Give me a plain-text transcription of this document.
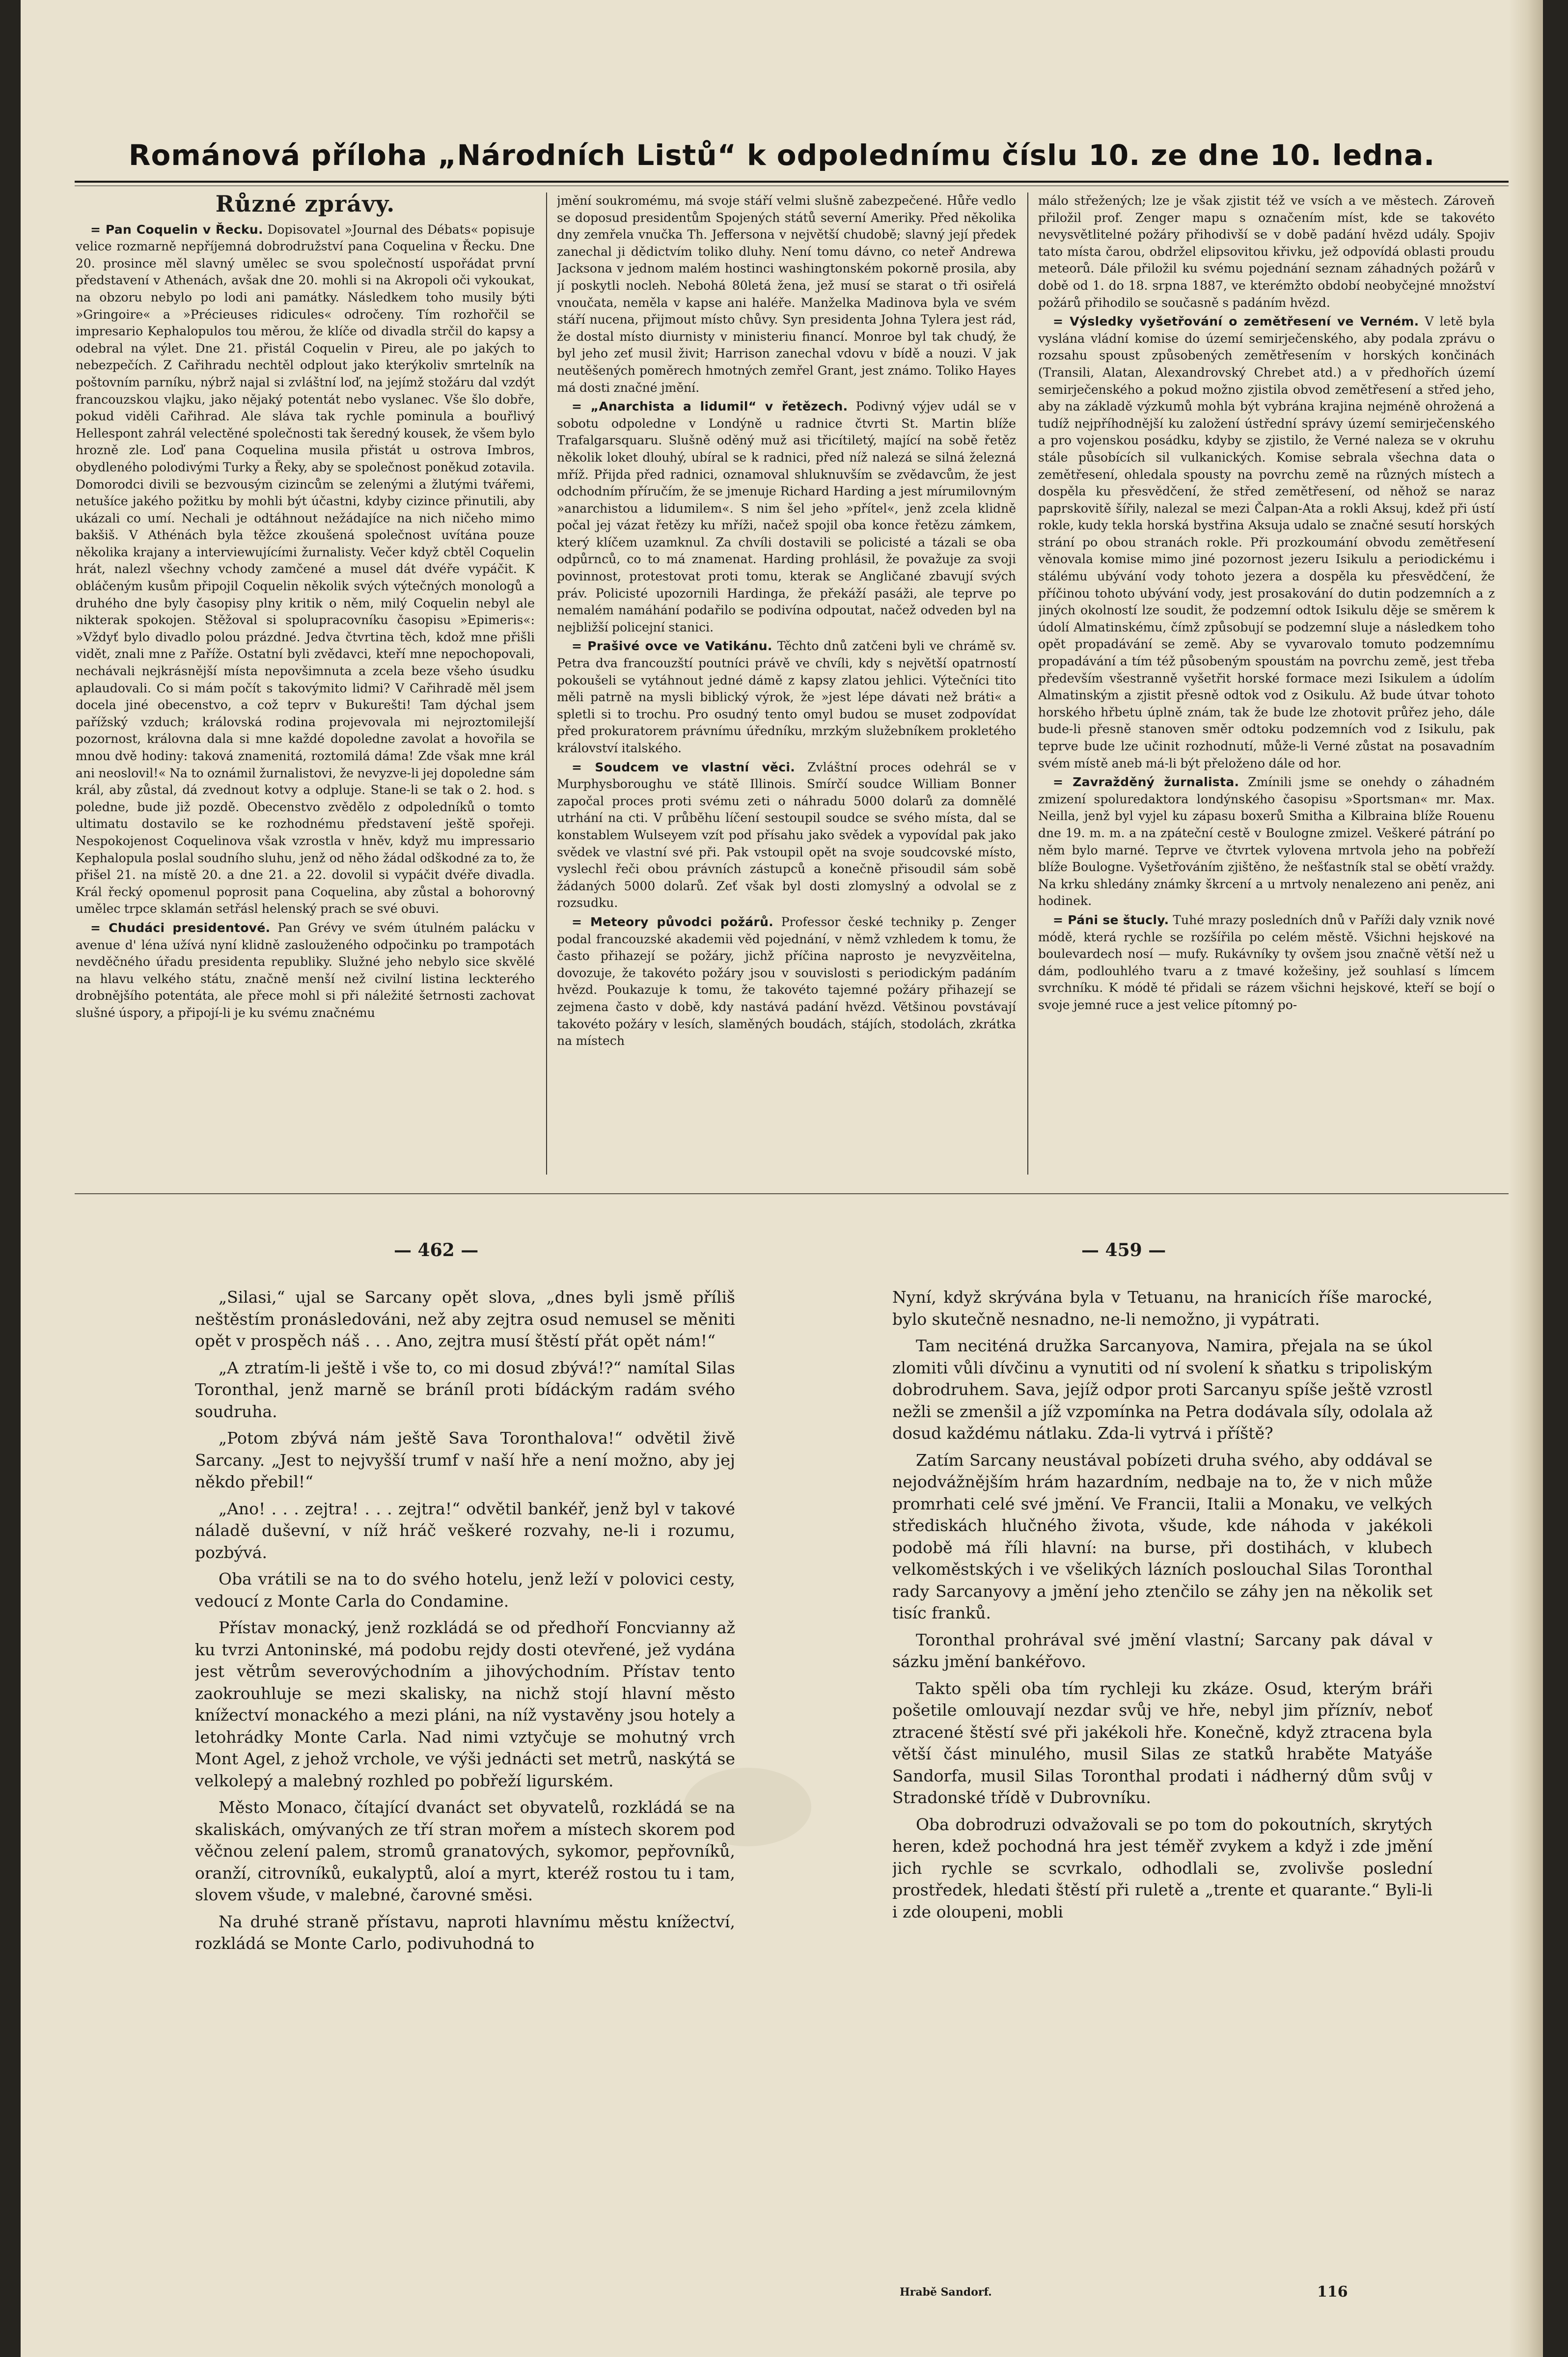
Románová příloha „Národních Listů“ k odpolednímu číslu 10. ze dne 10. ledna.
Různé zprávy.

= Pan Coquelin v Řecku. Dopisovatel »Journal des Débats« popisuje velice rozmarně nepříjemná dobrodružství pana Coquelina v Řecku. Dne 20. prosince měl slavný umělec se svou společností uspořádat první představení v Athenách, avšak dne 20. mohli si na Akropoli oči vykoukat, na obzoru nebylo po lodi ani památky. Následkem toho musily býti »Gringoire« a »Précieuses ridicules« odročeny. Tím rozhořčil se impresario Kephalopulos tou měrou, že klíče od divadla strčil do kapsy a odebral na výlet. Dne 21. přistál Coquelin v Pireu, ale po jakých to nebezpečích. Z Cařihradu nechtěl odplout jako kterýkoliv smrtelník na poštovním parníku, nýbrž najal si zvláštní loď, na jejímž stožáru dal vzdýt francouzskou vlajku, jako nějaký potentát nebo vyslanec. Vše šlo dobře, pokud viděli Cařihrad. Ale sláva tak rychle pominula a bouřlivý Hellespont zahrál velectěné společnosti tak šeredný kousek, že všem bylo hrozně zle. Loď pana Coquelina musila přistát u ostrova Imbros, obydleného polodivými Turky a Řeky, aby se společnost poněkud zotavila. Domorodci divili se bezvousým cizincům se zelenými a žlutými tvářemi, netušíce jakého požitku by mohli být účastni, kdyby cizince přinutili, aby ukázali co umí. Nechali je odtáhnout nežádajíce na nich ničeho mimo bakšiš. V Athénách byla těžce zkoušená společnost uvítána pouze několika krajany a interviewujícími žurnalisty. Večer když cbtěl Coquelin hrát, nalezl všechny vchody zamčené a musel dát dvéře vypáčit. K obláčeným kusům připojil Coquelin několik svých výtečných monologů a druhého dne byly časopisy plny kritik o něm, milý Coquelin nebyl ale nikterak spokojen. Stěžoval si spolupracovníku časopisu »Epimeris«: »Vždyť bylo divadlo polou prázdné. Jedva čtvrtina těch, kdož mne přišli vidět, znali mne z Paříže. Ostatní byli zvědavci, kteří mne nepochopovali, nechávali nejkrásnější místa nepovšimnuta a zcela beze všeho úsudku aplaudovali. Co si mám počít s takovýmito lidmi? V Cařihradě měl jsem docela jiné obecenstvo, a což teprv v Bukurešti! Tam dýchal jsem pařížský vzduch; královská rodina projevovala mi nejroztomilejší pozornost, královna dala si mne každé dopoledne zavolat a hovořila se mnou dvě hodiny: taková znamenitá, roztomilá dáma! Zde však mne král ani neoslovil!« Na to oznámil žurnalistovi, že nevyzve-li jej dopoledne sám král, aby zůstal, dá zvednout kotvy a odpluje. Stane-li se tak o 2. hod. s poledne, bude již pozdě. Obecenstvo zvědělo z odpoledníků o tomto ultimatu dostavilo se ke rozhodnému představení ještě spořeji. Nespokojenost Coquelinova však vzrostla v hněv, když mu impressario Kephalopula poslal soudního sluhu, jenž od něho žádal odškodné za to, že přišel 21. na místě 20. a dne 21. a 22. dovolil si vypáčit dvéře divadla. Král řecký opomenul poprosit pana Coquelina, aby zůstal a bohorovný umělec trpce sklamán setřásl helenský prach se své obuvi.

= Chudáci presidentové. Pan Grévy ve svém útulném palácku v avenue d' léna užívá nyní klidně zaslouženého odpočinku po trampotách nevděčného úřadu presidenta republiky. Služné jeho nebylo sice skvělé na hlavu velkého státu, značně menší než civilní listina leckterého drobnějšího potentáta, ale přece mohl si při náležité šetrnosti zachovat slušné úspory, a připojí-li je ku svému značnému

jmění soukromému, má svoje stáří velmi slušně zabezpečené. Hůře vedlo se doposud presidentům Spojených států severní Ameriky. Před několika dny zemřela vnučka Th. Jeffersona v největší chudobě; slavný její předek zanechal ji dědictvím toliko dluhy. Není tomu dávno, co neteř Andrewa Jacksona v jednom malém hostinci washingtonském pokorně prosila, aby jí poskytli nocleh. Nebohá 80letá žena, jež musí se starat o tři osiřelá vnoučata, neměla v kapse ani haléře. Manželka Madinova byla ve svém stáří nucena, přijmout místo chůvy. Syn presidenta Johna Tylera jest rád, že dostal místo diurnisty v ministeriu financí. Monroe byl tak chudý, že byl jeho zeť musil živit; Harrison zanechal vdovu v bídě a nouzi. V jak neutěšených poměrech hmotných zemřel Grant, jest známo. Toliko Hayes má dosti značné jmění.

= „Anarchista a lidumil“ v řetězech. Podivný výjev udál se v sobotu odpoledne v Londýně u radnice čtvrti St. Martin blíže Trafalgarsquaru. Slušně oděný muž asi třicítiletý, mající na sobě řetěz několik loket dlouhý, ubíral se k radnici, před níž nalezá se silná železná mříž. Přijda před radnici, oznamoval shluknuvším se zvědavcům, že jest odchodním příručím, že se jmenuje Richard Harding a jest mírumilovným »anarchistou a lidumilem«. S nim šel jeho »přítel«, jenž zcela klidně počal jej vázat řetězy ku mříži, načež spojil oba konce řetězu zámkem, který klíčem uzamknul. Za chvíli dostavili se policisté a tázali se oba odpůrnců, co to má znamenat. Harding prohlásil, že považuje za svoji povinnost, protestovat proti tomu, kterak se Angličané zbavují svých práv. Policisté upozornili Hardinga, že překáží pasáži, ale teprve po nemalém namáhání podařilo se podivína odpoutat, načež odveden byl na nejbližší policejní stanici.

= Prašivé ovce ve Vatikánu. Těchto dnů zatčeni byli ve chrámě sv. Petra dva francouzští poutníci právě ve chvíli, kdy s největší opatrností pokoušeli se vytáhnout jedné dámě z kapsy zlatou jehlici. Výtečníci tito měli patrně na mysli biblický výrok, že »jest lépe dávati než bráti« a spletli si to trochu. Pro osudný tento omyl budou se muset zodpovídat před prokuratorem právnímu úředníku, mrzkým služebníkem prokletého království italského.

= Soudcem ve vlastní věci. Zvláštní proces odehrál se v Murphysboroughu ve státě Illinois. Smírčí soudce William Bonner započal proces proti svému zeti o náhradu 5000 dolarů za domnělé utrhání na cti. V průběhu líčení sestoupil soudce se svého místa, dal se konstablem Wulseyem vzít pod přísahu jako svědek a vypovídal pak jako svědek ve vlastní své při. Pak vstoupil opět na svoje soudcovské místo, vyslechl řeči obou právních zástupců a konečně přisoudil sám sobě žádaných 5000 dolarů. Zeť však byl dosti zlomyslný a odvolal se z rozsudku.

= Meteory původci požárů. Professor české techniky p. Zenger podal francouzské akademii věd pojednání, v němž vzhledem k tomu, že často přihazejí se požáry, jichž příčina naprosto je nevyzvěitelna, dovozuje, že takovéto požáry jsou v souvislosti s periodickým padáním hvězd. Poukazuje k tomu, že takovéto tajemné požáry přihazejí se zejmena často v době, kdy nastává padání hvězd. Většinou povstávají takovéto požáry v lesích, slaměných boudách, stájích, stodolách, zkrátka na místech

málo střežených; lze je však zjistit též ve vsích a ve městech. Zároveň přiložil prof. Zenger mapu s označením míst, kde se takovéto nevysvětlitelné požáry přihodivší se v době padání hvězd udály. Spojiv tato místa čarou, obdržel elipsovitou křivku, jež odpovídá oblasti proudu meteorů. Dále přiložil ku svému pojednání seznam záhadných požárů v době od 1. do 18. srpna 1887, ve kterémžto období neobyčejné množství požárů přihodilo se současně s padáním hvězd.

= Výsledky vyšetřování o zemětřesení ve Verném. V letě byla vyslána vládní komise do území semirječenského, aby podala zprávu o rozsahu spoust způsobených zemětřesením v horských končinách (Transili, Alatan, Alexandrovský Chrebet atd.) a v předhořích území semirječenského a pokud možno zjistila obvod zemětřesení a střed jeho, aby na základě výzkumů mohla být vybrána krajina nejméně ohrožená a tudíž nejpříhodnější ku založení ústřední správy území semirječenského a pro vojenskou posádku, kdyby se zjistilo, že Verné naleza se v okruhu stále působících sil vulkanických. Komise sebrala všechna data o zemětřesení, ohledala spousty na povrchu země na různých místech a dospěla ku přesvědčení, že střed zemětřesení, od něhož se naraz paprskovitě šířily, nalezal se mezi Čalpan-Ata a rokli Aksuj, kdež při ústí rokle, kudy tekla horská bystřina Aksuja udalo se značné sesutí horských strání po obou stranách rokle. Při prozkoumání obvodu zemětřesení věnovala komise mimo jiné pozornost jezeru Isikulu a periodickému i stálému ubývání vody tohoto jezera a dospěla ku přesvědčení, že příčinou tohoto ubývání vody, jest prosakování do dutin podzemních a z jiných okolností lze soudit, že podzemní odtok Isikulu děje se směrem k údolí Almatinskému, čímž způsobují se podzemní sluje a následkem toho opět propadávání se země. Aby se vyvarovalo tomuto podzemnímu propadávání a tím též působeným spoustám na povrchu země, jest třeba především všestranně vyšetřit horské formace mezi Isikulem a údolím Almatinským a zjistit přesně odtok vod z Osikulu. Až bude útvar tohoto horského hřbetu úplně znám, tak že bude lze zhotovit průřez jeho, dále bude-li přesně stanoven směr odtoku podzemních vod z Isikulu, pak teprve bude lze učinit rozhodnutí, může-li Verné zůstat na posavadním svém místě aneb má-li být přeloženo dále od hor.

= Zavražděný žurnalista. Zmínili jsme se onehdy o záhadném zmizení spoluredaktora londýnského časopisu »Sportsman« mr. Max. Neilla, jenž byl vyjel ku zápasu boxerů Smitha a Kilbraina blíže Rouenu dne 19. m. m. a na zpáteční cestě v Boulogne zmizel. Veškeré pátrání po něm bylo marné. Teprve ve čtvrtek vylovena mrtvola jeho na pobřeží blíže Boulogne. Vyšetřováním zjištěno, že nešťastník stal se obětí vraždy. Na krku shledány známky škrcení a u mrtvoly nenalezeno ani peněz, ani hodinek.

= Páni se štucly. Tuhé mrazy posledních dnů v Paříži daly vznik nové módě, která rychle se rozšířila po celém městě. Všichni hejskové na boulevardech nosí — mufy. Rukávníky ty ovšem jsou značně větší než u dám, podlouhlého tvaru a z tmavé kožešiny, jež souhlasí s límcem svrchníku. K módě té přidali se rázem všichni hejskové, kteří se bojí o svoje jemné ruce a jest velice pítomný po-

— 462 —	— 459 —

„Silasi,“ ujal se Sarcany opět slova, „dnes byli jsmě příliš neštěstím pronásledováni, než aby zejtra osud nemusel se měniti opět v prospěch náš . . . Ano, zejtra musí štěstí přát opět nám!“

„A ztratím-li ještě i vše to, co mi dosud zbývá!?“ namítal Silas Toronthal, jenž marně se bráníl proti bídáckým radám svého soudruha.

„Potom zbývá nám ještě Sava Toronthalova!“ odvětil živě Sarcany. „Jest to nejvyšší trumf v naší hře a není možno, aby jej někdo přebil!“

„Ano! . . . zejtra! . . . zejtra!“ odvětil bankéř, jenž byl v takové náladě duševní, v níž hráč veškeré rozvahy, ne-li i rozumu, pozbývá.

Oba vrátili se na to do svého hotelu, jenž leží v polovici cesty, vedoucí z Monte Carla do Condamine.

Přístav monacký, jenž rozkládá se od předhoří Foncvianny až ku tvrzi Antoninské, má podobu rejdy dosti otevřené, jež vydána jest větrům severovýchodním a jihovýchodním. Přístav tento zaokrouhluje se mezi skalisky, na nichž stojí hlavní město knížectví monackého a mezi pláni, na níž vystavěny jsou hotely a letohrádky Monte Carla. Nad nimi vztyčuje se mohutný vrch Mont Agel, z jehož vrchole, ve výši jednácti set metrů, naskýtá se velkolepý a malebný rozhled po pobřeží ligurském.

Město Monaco, čítající dvanáct set obyvatelů, rozkládá se na skaliskách, omývaných ze tří stran mořem a místech skorem pod věčnou zelení palem, stromů granatových, sykomor, pepřovníků, oranží, citrovníků, eukalyptů, aloí a myrt, kteréž rostou tu i tam, slovem všude, v malebné, čarovné směsi.

Na druhé straně přístavu, naproti hlavnímu městu knížectví, rozkládá se Monte Carlo, podivuhodná to

Nyní, když skrývána byla v Tetuanu, na hranicích říše marocké, bylo skutečně nesnadno, ne-li nemožno, ji vypátrati.

Tam neciténá družka Sarcanyova, Namira, přejala na se úkol zlomiti vůli dívčinu a vynutiti od ní svolení k sňatku s tripoliským dobrodruhem. Sava, jejíž odpor proti Sarcanyu spíše ještě vzrostl nežli se zmenšil a jíž vzpomínka na Petra dodávala síly, odolala až dosud každému nátlaku. Zda-li vytrvá i příště?

Zatím Sarcany neustával pobízeti druha svého, aby oddával se nejodvážnějším hrám hazardním, nedbaje na to, že v nich může promrhati celé své jmění. Ve Francii, Italii a Monaku, ve velkých střediskách hlučného života, všude, kde náhoda v jakékoli podobě má říli hlavní: na burse, při dostihách, v klubech velkoměstských i ve všelikých lázních poslouchal Silas Toronthal rady Sarcanyovy a jmění jeho ztenčilo se záhy jen na několik set tisíc franků.

Toronthal prohrával své jmění vlastní; Sarcany pak dával v sázku jmění bankéřovo.

Takto spěli oba tím rychleji ku zkáze. Osud, kterým bráři pošetile omlouvají nezdar svůj ve hře, nebyl jim příznív, neboť ztracené štěstí své při jakékoli hře. Konečně, když ztracena byla větší část minulého, musil Silas ze statků hraběte Matyáše Sandorfa, musil Silas Toronthal prodati i nádherný dům svůj v Stradonské třídě v Dubrovníku.

Oba dobrodruzi odvažovali se po tom do pokoutních, skrytých heren, kdež pochodná hra jest téměř zvykem a když i zde jmění jich rychle se scvrkalo, odhodlali se, zvolivše poslední prostředek, hledati štěstí při ruletě a „trente et quarante.“ Byli-li i zde oloupeni, mobli

Hrabě Sandorf.	116
